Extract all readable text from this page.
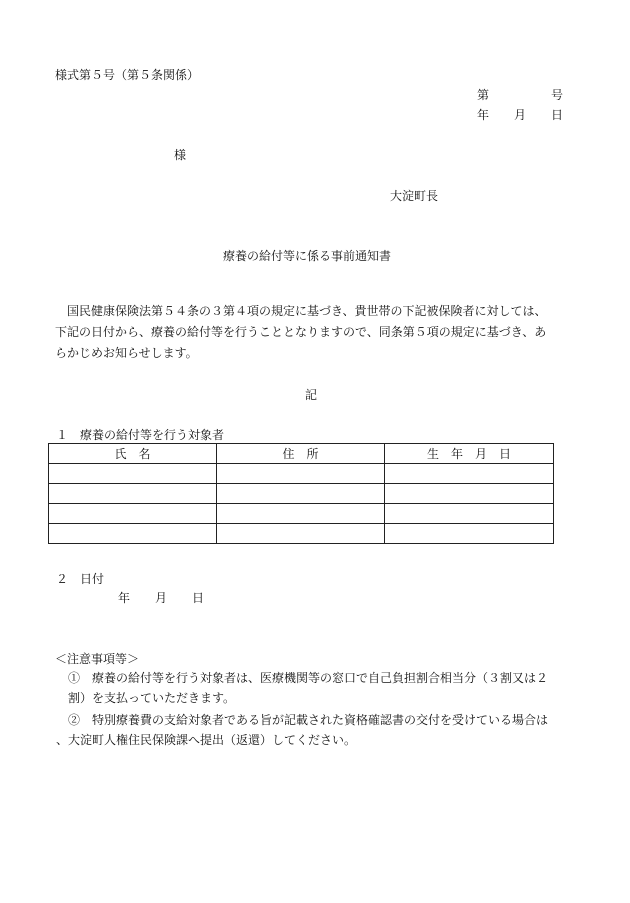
様式第５号（第５条関係）
第	号
年 月 日
様
大淀町長
療養の給付等に係る事前通知書
国民健康保険法第５４条の３第４項の規定に基づき、貴世帯の下記被保険者に対しては、
下記の日付から、療養の給付等を行うこととなりますので、同条第５項の規定に基づき、あ
らかじめお知らせします。
記
１　療養の給付等を行う対象者
氏　名	住　所	生　年　月　日

２　日付
年 月 日
＜注意事項等＞
①　療養の給付等を行う対象者は、医療機関等の窓口で自己負担割合相当分（３割又は２
割）を支払っていただきます。
②　特別療養費の支給対象者である旨が記載された資格確認書の交付を受けている場合は
、大淀町人権住民保険課へ提出（返還）してください。
